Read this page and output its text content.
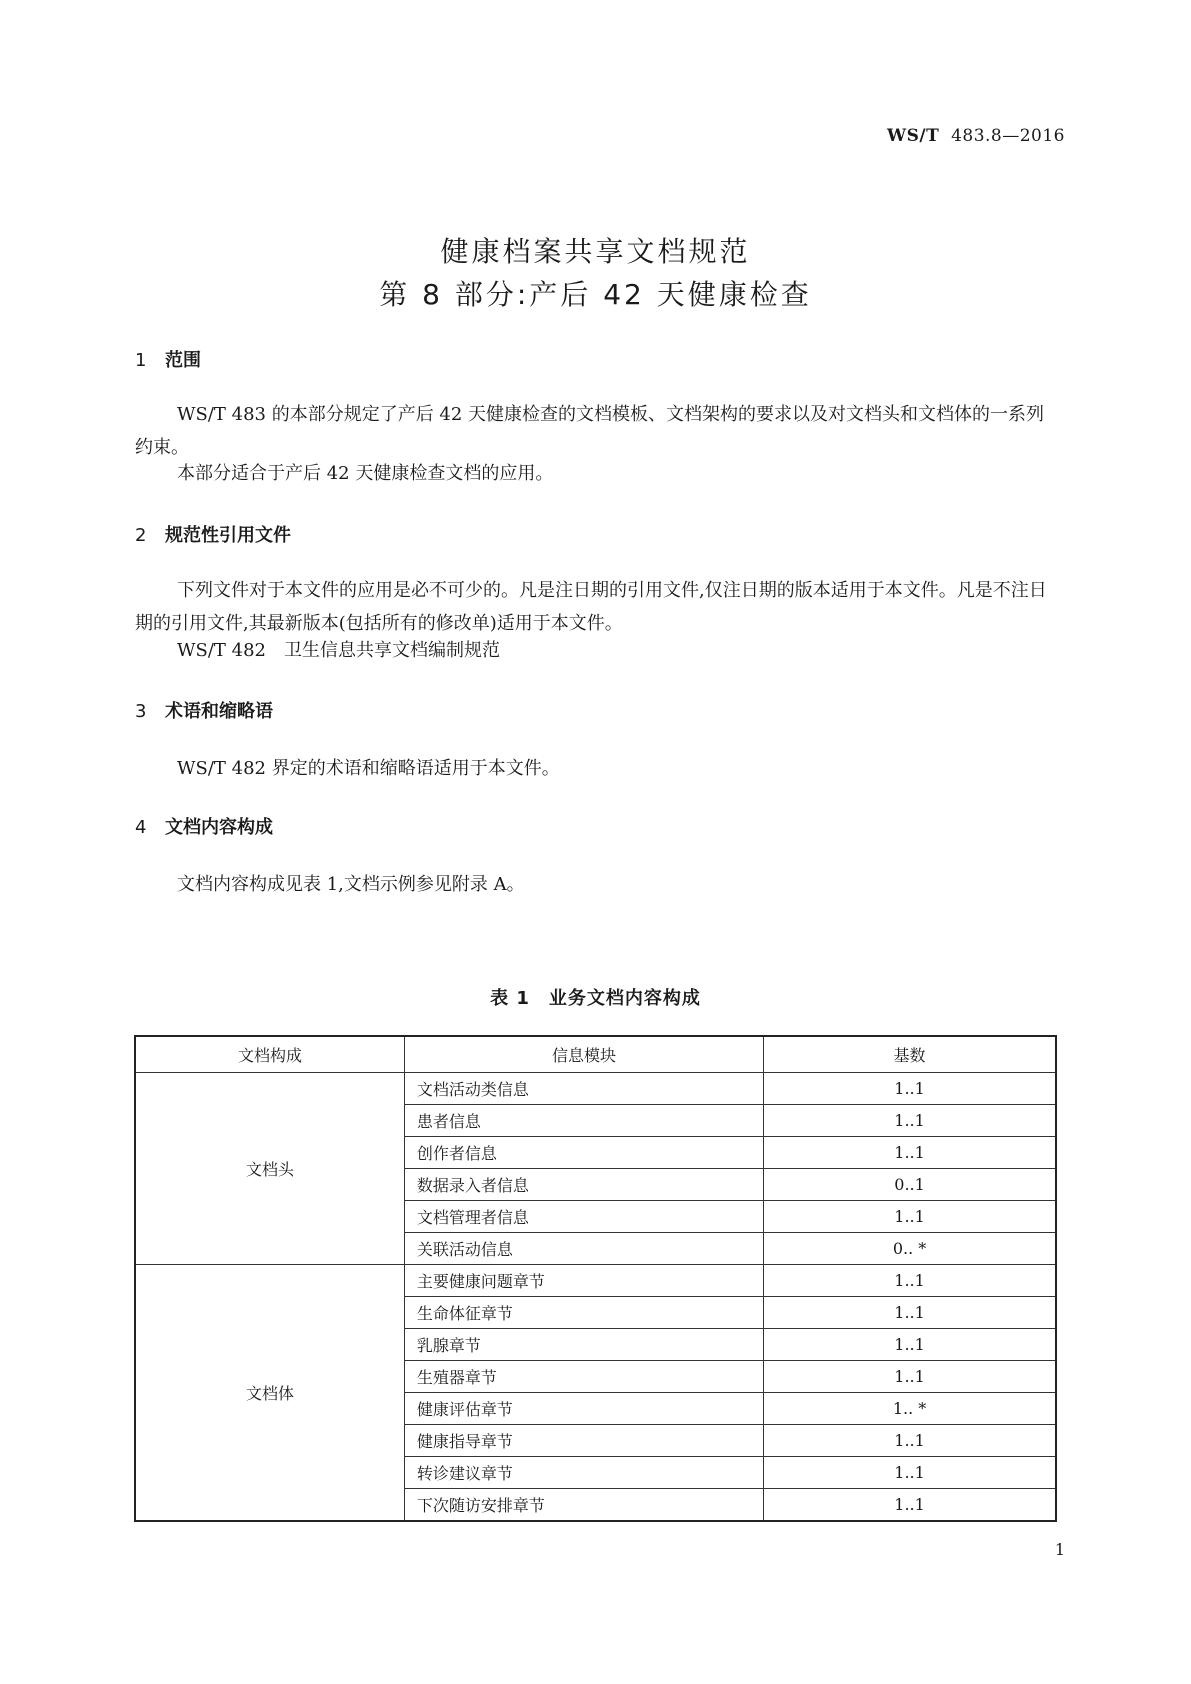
WS/T 483.8—2016
健康档案共享文档规范
第 8 部分:产后 42 天健康检查
1 范围
WS/T 483 的本部分规定了产后 42 天健康检查的文档模板、文档架构的要求以及对文档头和文档体的一系列约束。
本部分适合于产后 42 天健康检查文档的应用。
2 规范性引用文件
下列文件对于本文件的应用是必不可少的。凡是注日期的引用文件,仅注日期的版本适用于本文件。凡是不注日期的引用文件,其最新版本(包括所有的修改单)适用于本文件。
WS/T 482　卫生信息共享文档编制规范
3 术语和缩略语
WS/T 482 界定的术语和缩略语适用于本文件。
4 文档内容构成
文档内容构成见表 1,文档示例参见附录 A。
表 1　业务文档内容构成
文档构成	信息模块	基数
文档头	文档活动类信息	1..1
	患者信息	1..1
	创作者信息	1..1
	数据录入者信息	0..1
	文档管理者信息	1..1
	关联活动信息	0.. *
文档体	主要健康问题章节	1..1
	生命体征章节	1..1
	乳腺章节	1..1
	生殖器章节	1..1
	健康评估章节	1.. *
	健康指导章节	1..1
	转诊建议章节	1..1
	下次随访安排章节	1..1
1
